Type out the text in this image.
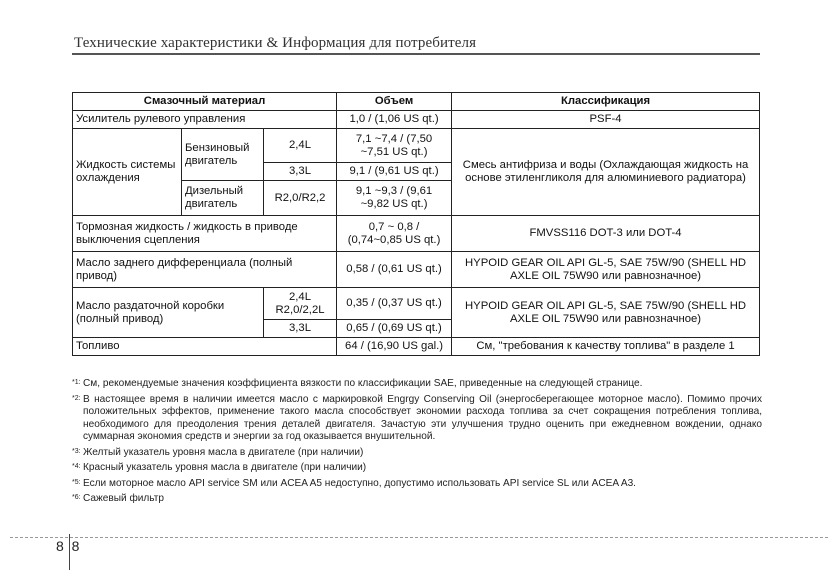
Технические характеристики & Информация для потребителя
Смазочный материал			Объем	Классификация
Усилитель рулевого управления			1,0 / (1,06 US qt.)	PSF-4
Жидкость системы охлаждения	Бензиновый двигатель	2,4L	7,1 ~7,4 / (7,50 ~7,51 US qt.)	Смесь антифриза и воды (Охлаждающая жидкость на основе этиленгликоля для алюминиевого радиатора)
		3,3L	9,1 / (9,61 US qt.)	
	Дизельный двигатель	R2,0/R2,2	9,1 ~9,3 / (9,61 ~9,82 US qt.)	
Тормозная жидкость / жидкость в приводе выключения сцепления			0,7 ~ 0,8 / (0,74~0,85 US qt.)	FMVSS116 DOT-3 или DOT-4
Масло заднего дифференциала (полный привод)			0,58 / (0,61 US qt.)	HYPOID GEAR OIL API GL-5, SAE 75W/90 (SHELL HD AXLE OIL 75W90 или равнозначное)
Масло раздаточной коробки (полный привод)		2,4L R2,0/2,2L	0,35 / (0,37 US qt.)	HYPOID GEAR OIL API GL-5, SAE 75W/90 (SHELL HD AXLE OIL 75W90 или равнозначное)
		3,3L	0,65 / (0,69 US qt.)	
Топливо			64 / (16,90 US gal.)	См, "требования к качеству топлива" в разделе 1
*1: См, рекомендуемые значения коэффициента вязкости по классификации SAE, приведенные на следующей странице.
*2: В настоящее время в наличии имеется масло с маркировкой Engrgy Conserving Oil (энергосберегающее моторное масло). Помимо прочих положительных эффектов, применение такого масла способствует экономии расхода топлива за счет сокращения потребления топлива, необходимого для преодоления трения деталей двигателя. Зачастую эти улучшения трудно оценить при ежедневном вождении, однако суммарная экономия средств и энергии за год оказывается внушительной.
*3: Желтый указатель уровня масла в двигателе (при наличии)
*4: Красный указатель уровня масла в двигателе (при наличии)
*5: Если моторное масло API service SM или ACEA A5 недоступно, допустимо использовать API service SL или ACEA A3.
*6: Сажевый фильтр
8 8
